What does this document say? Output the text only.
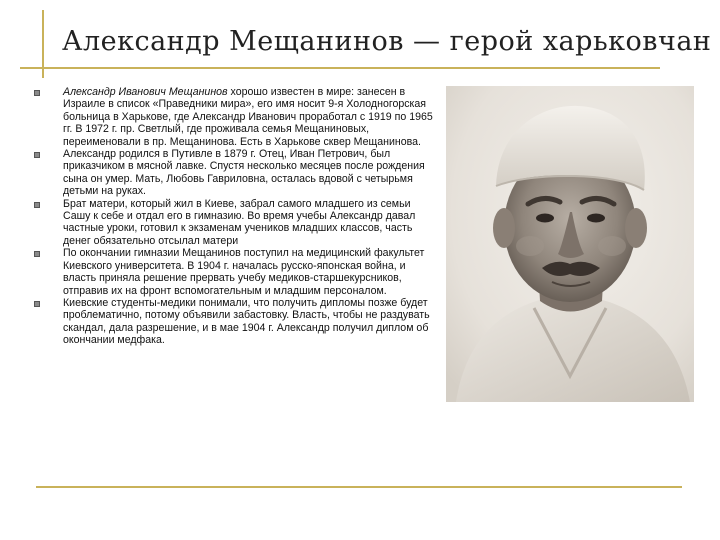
Александр Мещанинов — герой харьковчан
Александр Иванович Мещанинов хорошо известен в мире: занесен в Израиле в список «Праведники мира», его имя носит 9-я Холодногорская больница в Харькове, где Александр Иванович проработал с 1919 по 1965 гг. В 1972 г. пр. Светлый, где проживала семья Мещаниновых, переименовали в пр. Мещанинова. Есть в Харькове сквер Мещанинова.
Александр родился в Путивле в 1879 г. Отец, Иван Петрович, был приказчиком в мясной лавке. Спустя несколько месяцев после рождения сына он умер. Мать, Любовь Гавриловна, осталась вдовой с четырьмя детьми на руках.
Брат матери, который жил в Киеве, забрал самого младшего из семьи Сашу к себе и отдал его в гимназию. Во время учебы Александр давал частные уроки, готовил к экзаменам учеников младших классов, часть денег обязательно отсылал матери
По окончании гимназии Мещанинов поступил на медицинский факультет Киевского университета. В 1904 г. началась русско-японская война, и власть приняла решение прервать учебу медиков-старшекурсников, отправив их на фронт вспомогательным и младшим персоналом.
Киевские студенты-медики понимали, что получить дипломы позже будет проблематично, потому объявили забастовку. Власть, чтобы не раздувать скандал, дала разрешение, и в мае 1904 г. Александр получил диплом об окончании медфака.
